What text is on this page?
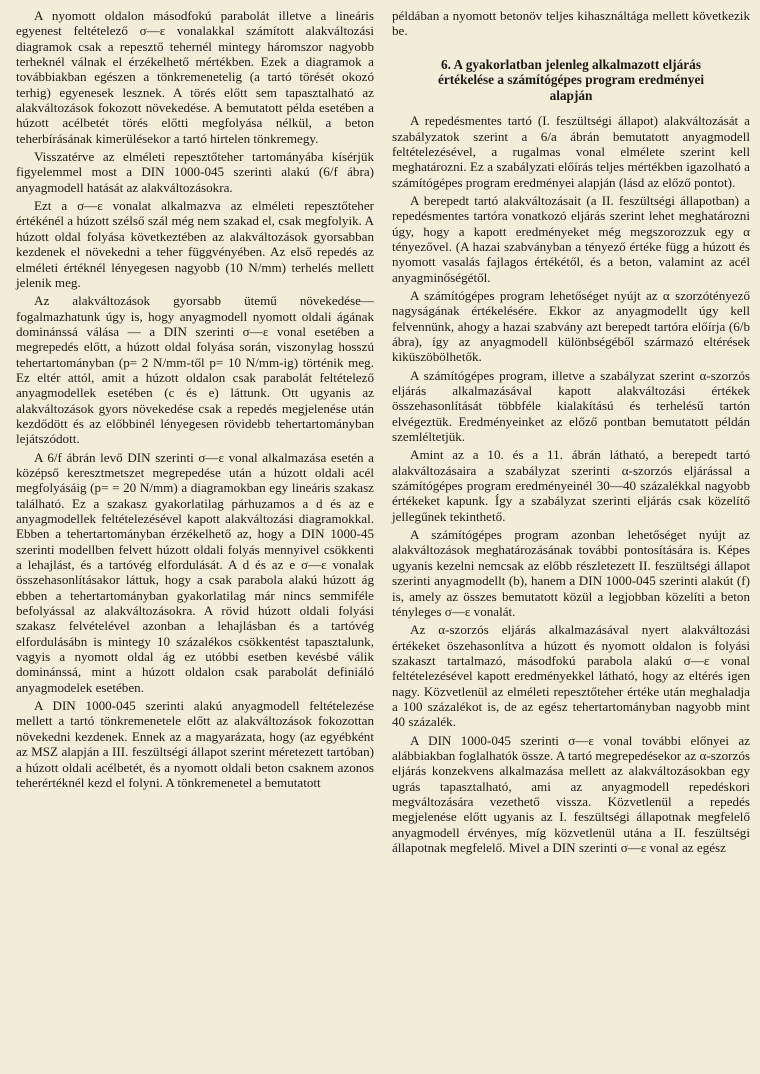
A nyomott oldalon másodfokú parabolát illetve a lineáris egyenest feltételező σ—ε vonalakkal számított alakváltozási diagramok csak a repesztő tehernél mintegy háromszor nagyobb terheknél válnak el érzékelhető mértékben. Ezek a diagramok a továbbiakban egészen a tönkremenetelig (a tartó törését okozó terhig) egyenesek lesznek. A törés előtt sem tapasztalható az alakváltozások fokozott növekedése. A bemutatott példa esetében a húzott acélbetét törés előtti megfolyása nélkül, a beton teherbírásának kimerülésekor a tartó hirtelen tönkremegy.

Visszatérve az elméleti repesztőteher tartományába kísérjük figyelemmel most a DIN 1000-045 szerinti alakú (6/f ábra) anyagmodell hatását az alakváltozásokra.

Ezt a σ—ε vonalat alkalmazva az elméleti repesztőteher értékénél a húzott szélső szál még nem szakad el, csak megfolyik. A húzott oldal folyása következtében az alakváltozások gyorsabban kezdenek el növekedni a teher függvényében. Az első repedés az elméleti értéknél lényegesen nagyobb (10 N/mm) terhelés mellett jelenik meg.

Az alakváltozások gyorsabb ütemű növekedése—fogalmazhatunk úgy is, hogy anyagmodell nyomott oldali ágának dominánssá válása — a DIN szerinti σ—ε vonal esetében a megrepedés előtt, a húzott oldal folyása során, viszonylag hosszú tehertartományban (p= 2 N/mm-től p= 10 N/mm-ig) történik meg. Ez eltér attól, amit a húzott oldalon csak parabolát feltételező anyagmodellek esetében (c és e) láttunk. Ott ugyanis az alakváltozások gyors növekedése csak a repedés megjelenése után kezdődött és az előbbinél lényegesen rövidebb tehertartományban lejátszódott.

A 6/f ábrán levő DIN szerinti σ—ε vonal alkalmazása esetén a középső keresztmetszet megrepedése után a húzott oldali acél megfolyásáig (p= = 20 N/mm) a diagramokban egy lineáris szakasz található. Ez a szakasz gyakorlatilag párhuzamos a d és az e anyagmodellek feltételezésével kapott alakváltozási diagramokkal. Ebben a tehertartományban érzékelhető az, hogy a DIN 1000-45 szerinti modellben felvett húzott oldali folyás mennyivel csökkenti a lehajlást, és a tartóvég elfordulását. A d és az e σ—ε vonalak összehasonlításakor láttuk, hogy a csak parabola alakú húzott ág ebben a tehertartományban gyakorlatilag már nincs semmiféle befolyással az alakváltozásokra. A rövid húzott oldali folyási szakasz felvételével azonban a lehajlásban és a tartóvég elfordulásábn is mintegy 10 százalékos csökkentést tapasztalunk, vagyis a nyomott oldal ág ez utóbbi esetben kevésbé válik dominánssá, mint a húzott oldalon csak parabolát definiáló anyagmodelek esetében.

A DIN 1000-045 szerinti alakú anyagmodell feltételezése mellett a tartó tönkremenetele előtt az alakváltozások fokozottan növekedni kezdenek. Ennek az a magyarázata, hogy (az egyébként az MSZ alapján a III. feszültségi állapot szerint méretezett tartóban) a húzott oldali acélbetét, és a nyomott oldali beton csaknem azonos teherértéknél kezd el folyni. A tönkremenetel a bemutatott

példában a nyomott betonöv teljes kihasználtága mellett következik be.

6. A gyakorlatban jelenleg alkalmazott eljárás
értékelése a számítógépes program eredményei
alapján

A repedésmentes tartó (I. feszültségi állapot) alakváltozását a szabályzatok szerint a 6/a ábrán bemutatott anyagmodell feltételezésével, a rugalmas vonal elmélete szerint kell meghatározni. Ez a szabályzati előírás teljes mértékben igazolható a számítógépes program eredményei alapján (lásd az előző pontot).

A berepedt tartó alakváltozásait (a II. feszültségi állapotban) a repedésmentes tartóra vonatkozó eljárás szerint lehet meghatározni úgy, hogy a kapott eredményeket még megszorozzuk egy α tényezővel. (A hazai szabványban a tényező értéke függ a húzott és nyomott vasalás fajlagos értékétől, és a beton, valamint az acél anyagminőségétől.

A számítógépes program lehetőséget nyújt az α szorzótényező nagyságának értékelésére. Ekkor az anyagmodellt úgy kell felvennünk, ahogy a hazai szabvány azt berepedt tartóra előírja (6/b ábra), így az anyagmodell különbségéből származó eltérések kiküszöbölhetők.

A számítógépes program, illetve a szabályzat szerint α-szorzós eljárás alkalmazásával kapott alakváltozási értékek összehasonlítását többféle kialakítású és terhelésű tartón elvégeztük. Eredményeinket az előző pontban bemutatott példán szemléltetjük.

Amint az a 10. és a 11. ábrán látható, a berepedt tartó alakváltozásaira a szabályzat szerinti α-szorzós eljárással a számítógépes program eredményeinél 30—40 százalékkal nagyobb értékeket kapunk. Így a szabályzat szerinti eljárás csak közelítő jellegűnek tekinthető.

A számítógépes program azonban lehetőséget nyújt az alakváltozások meghatározásának további pontosítására is. Képes ugyanis kezelni nemcsak az előbb részletezett II. feszültségi állapot szerinti anyagmodellt (b), hanem a DIN 1000-045 szerinti alakút (f) is, amely az összes bemutatott közül a legjobban közelíti a beton tényleges σ—ε vonalát.

Az α-szorzós eljárás alkalmazásával nyert alakváltozási értékeket öszehasonlítva a húzott és nyomott oldalon is folyási szakaszt tartalmazó, másodfokú parabola alakú σ—ε vonal feltételezésével kapott eredményekkel látható, hogy az eltérés igen nagy. Közvetlenül az elméleti repesztőteher értéke után meghaladja a 100 százalékot is, de az egész tehertartományban nagyobb mint 40 százalék.

A DIN 1000-045 szerinti σ—ε vonal további előnyei az alábbiakban foglalhatók össze. A tartó megrepedésekor az α-szorzós eljárás konzekvens alkalmazása mellett az alakváltozásokban egy ugrás tapasztalható, ami az anyagmodell repedéskori megváltozására vezethető vissza. Közvetlenül a repedés megjelenése előtt ugyanis az I. feszültségi állapotnak megfelelő anyagmodell érvényes, míg közvetlenül utána a II. feszültségi állapotnak megfelelő. Mivel a DIN szerinti σ—ε vonal az egész
